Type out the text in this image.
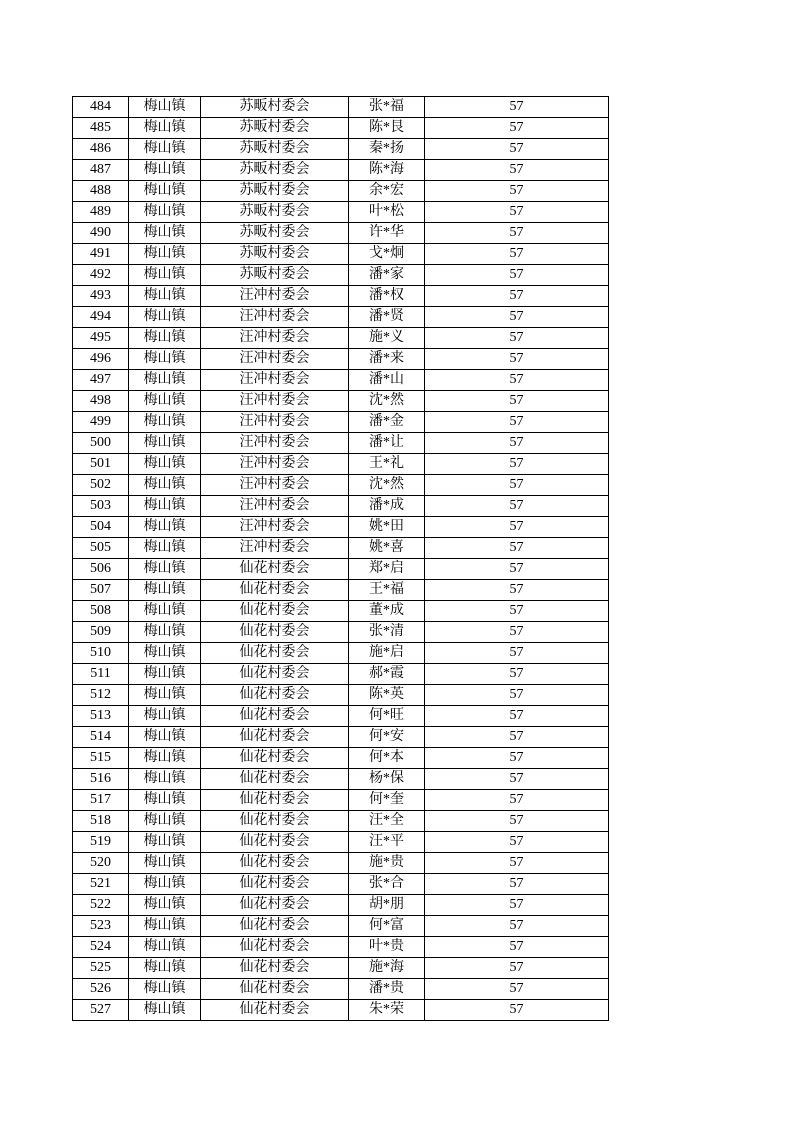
484	梅山镇	苏畈村委会	张*福	57
485	梅山镇	苏畈村委会	陈*艮	57
486	梅山镇	苏畈村委会	秦*扬	57
487	梅山镇	苏畈村委会	陈*海	57
488	梅山镇	苏畈村委会	余*宏	57
489	梅山镇	苏畈村委会	叶*松	57
490	梅山镇	苏畈村委会	许*华	57
491	梅山镇	苏畈村委会	戈*炯	57
492	梅山镇	苏畈村委会	潘*家	57
493	梅山镇	汪冲村委会	潘*权	57
494	梅山镇	汪冲村委会	潘*贤	57
495	梅山镇	汪冲村委会	施*义	57
496	梅山镇	汪冲村委会	潘*来	57
497	梅山镇	汪冲村委会	潘*山	57
498	梅山镇	汪冲村委会	沈*然	57
499	梅山镇	汪冲村委会	潘*金	57
500	梅山镇	汪冲村委会	潘*让	57
501	梅山镇	汪冲村委会	王*礼	57
502	梅山镇	汪冲村委会	沈*然	57
503	梅山镇	汪冲村委会	潘*成	57
504	梅山镇	汪冲村委会	姚*田	57
505	梅山镇	汪冲村委会	姚*喜	57
506	梅山镇	仙花村委会	郑*启	57
507	梅山镇	仙花村委会	王*福	57
508	梅山镇	仙花村委会	董*成	57
509	梅山镇	仙花村委会	张*清	57
510	梅山镇	仙花村委会	施*启	57
511	梅山镇	仙花村委会	郝*霞	57
512	梅山镇	仙花村委会	陈*英	57
513	梅山镇	仙花村委会	何*旺	57
514	梅山镇	仙花村委会	何*安	57
515	梅山镇	仙花村委会	何*本	57
516	梅山镇	仙花村委会	杨*保	57
517	梅山镇	仙花村委会	何*奎	57
518	梅山镇	仙花村委会	汪*全	57
519	梅山镇	仙花村委会	汪*平	57
520	梅山镇	仙花村委会	施*贵	57
521	梅山镇	仙花村委会	张*合	57
522	梅山镇	仙花村委会	胡*朋	57
523	梅山镇	仙花村委会	何*富	57
524	梅山镇	仙花村委会	叶*贵	57
525	梅山镇	仙花村委会	施*海	57
526	梅山镇	仙花村委会	潘*贵	57
527	梅山镇	仙花村委会	朱*荣	57
